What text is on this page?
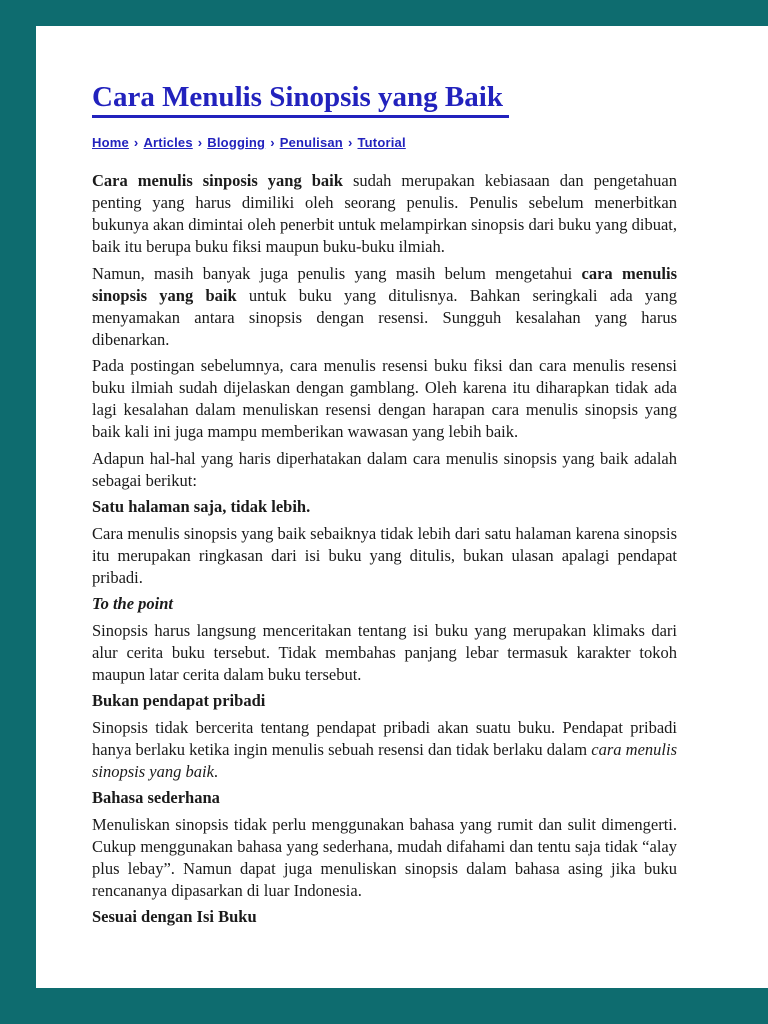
Cara Menulis Sinopsis yang Baik
Home › Articles › Blogging › Penulisan › Tutorial

Cara menulis sinposis yang baik sudah merupakan kebiasaan dan pengetahuan penting yang harus dimiliki oleh seorang penulis. Penulis sebelum menerbitkan bukunya akan dimintai oleh penerbit untuk melampirkan sinopsis dari buku yang dibuat, baik itu berupa buku fiksi maupun buku-buku ilmiah.

Namun, masih banyak juga penulis yang masih belum mengetahui cara menulis sinopsis yang baik untuk buku yang ditulisnya. Bahkan seringkali ada yang menyamakan antara sinopsis dengan resensi. Sungguh kesalahan yang harus dibenarkan.

Pada postingan sebelumnya, cara menulis resensi buku fiksi dan cara menulis resensi buku ilmiah sudah dijelaskan dengan gamblang. Oleh karena itu diharapkan tidak ada lagi kesalahan dalam menuliskan resensi dengan harapan cara menulis sinopsis yang baik kali ini juga mampu memberikan wawasan yang lebih baik.

Adapun hal-hal yang haris diperhatakan dalam cara menulis sinopsis yang baik adalah sebagai berikut:

Satu halaman saja, tidak lebih.

Cara menulis sinopsis yang baik sebaiknya tidak lebih dari satu halaman karena sinopsis itu merupakan ringkasan dari isi buku yang ditulis, bukan ulasan apalagi pendapat pribadi.

To the point

Sinopsis harus langsung menceritakan tentang isi buku yang merupakan klimaks dari alur cerita buku tersebut. Tidak membahas panjang lebar termasuk karakter tokoh maupun latar cerita dalam buku tersebut.

Bukan pendapat pribadi

Sinopsis tidak bercerita tentang pendapat pribadi akan suatu buku. Pendapat pribadi hanya berlaku ketika ingin menulis sebuah resensi dan tidak berlaku dalam cara menulis sinopsis yang baik.

Bahasa sederhana

Menuliskan sinopsis tidak perlu menggunakan bahasa yang rumit dan sulit dimengerti. Cukup menggunakan bahasa yang sederhana, mudah difahami dan tentu saja tidak “alay plus lebay”. Namun dapat juga menuliskan sinopsis dalam bahasa asing jika buku rencananya dipasarkan di luar Indonesia.

Sesuai dengan Isi Buku
